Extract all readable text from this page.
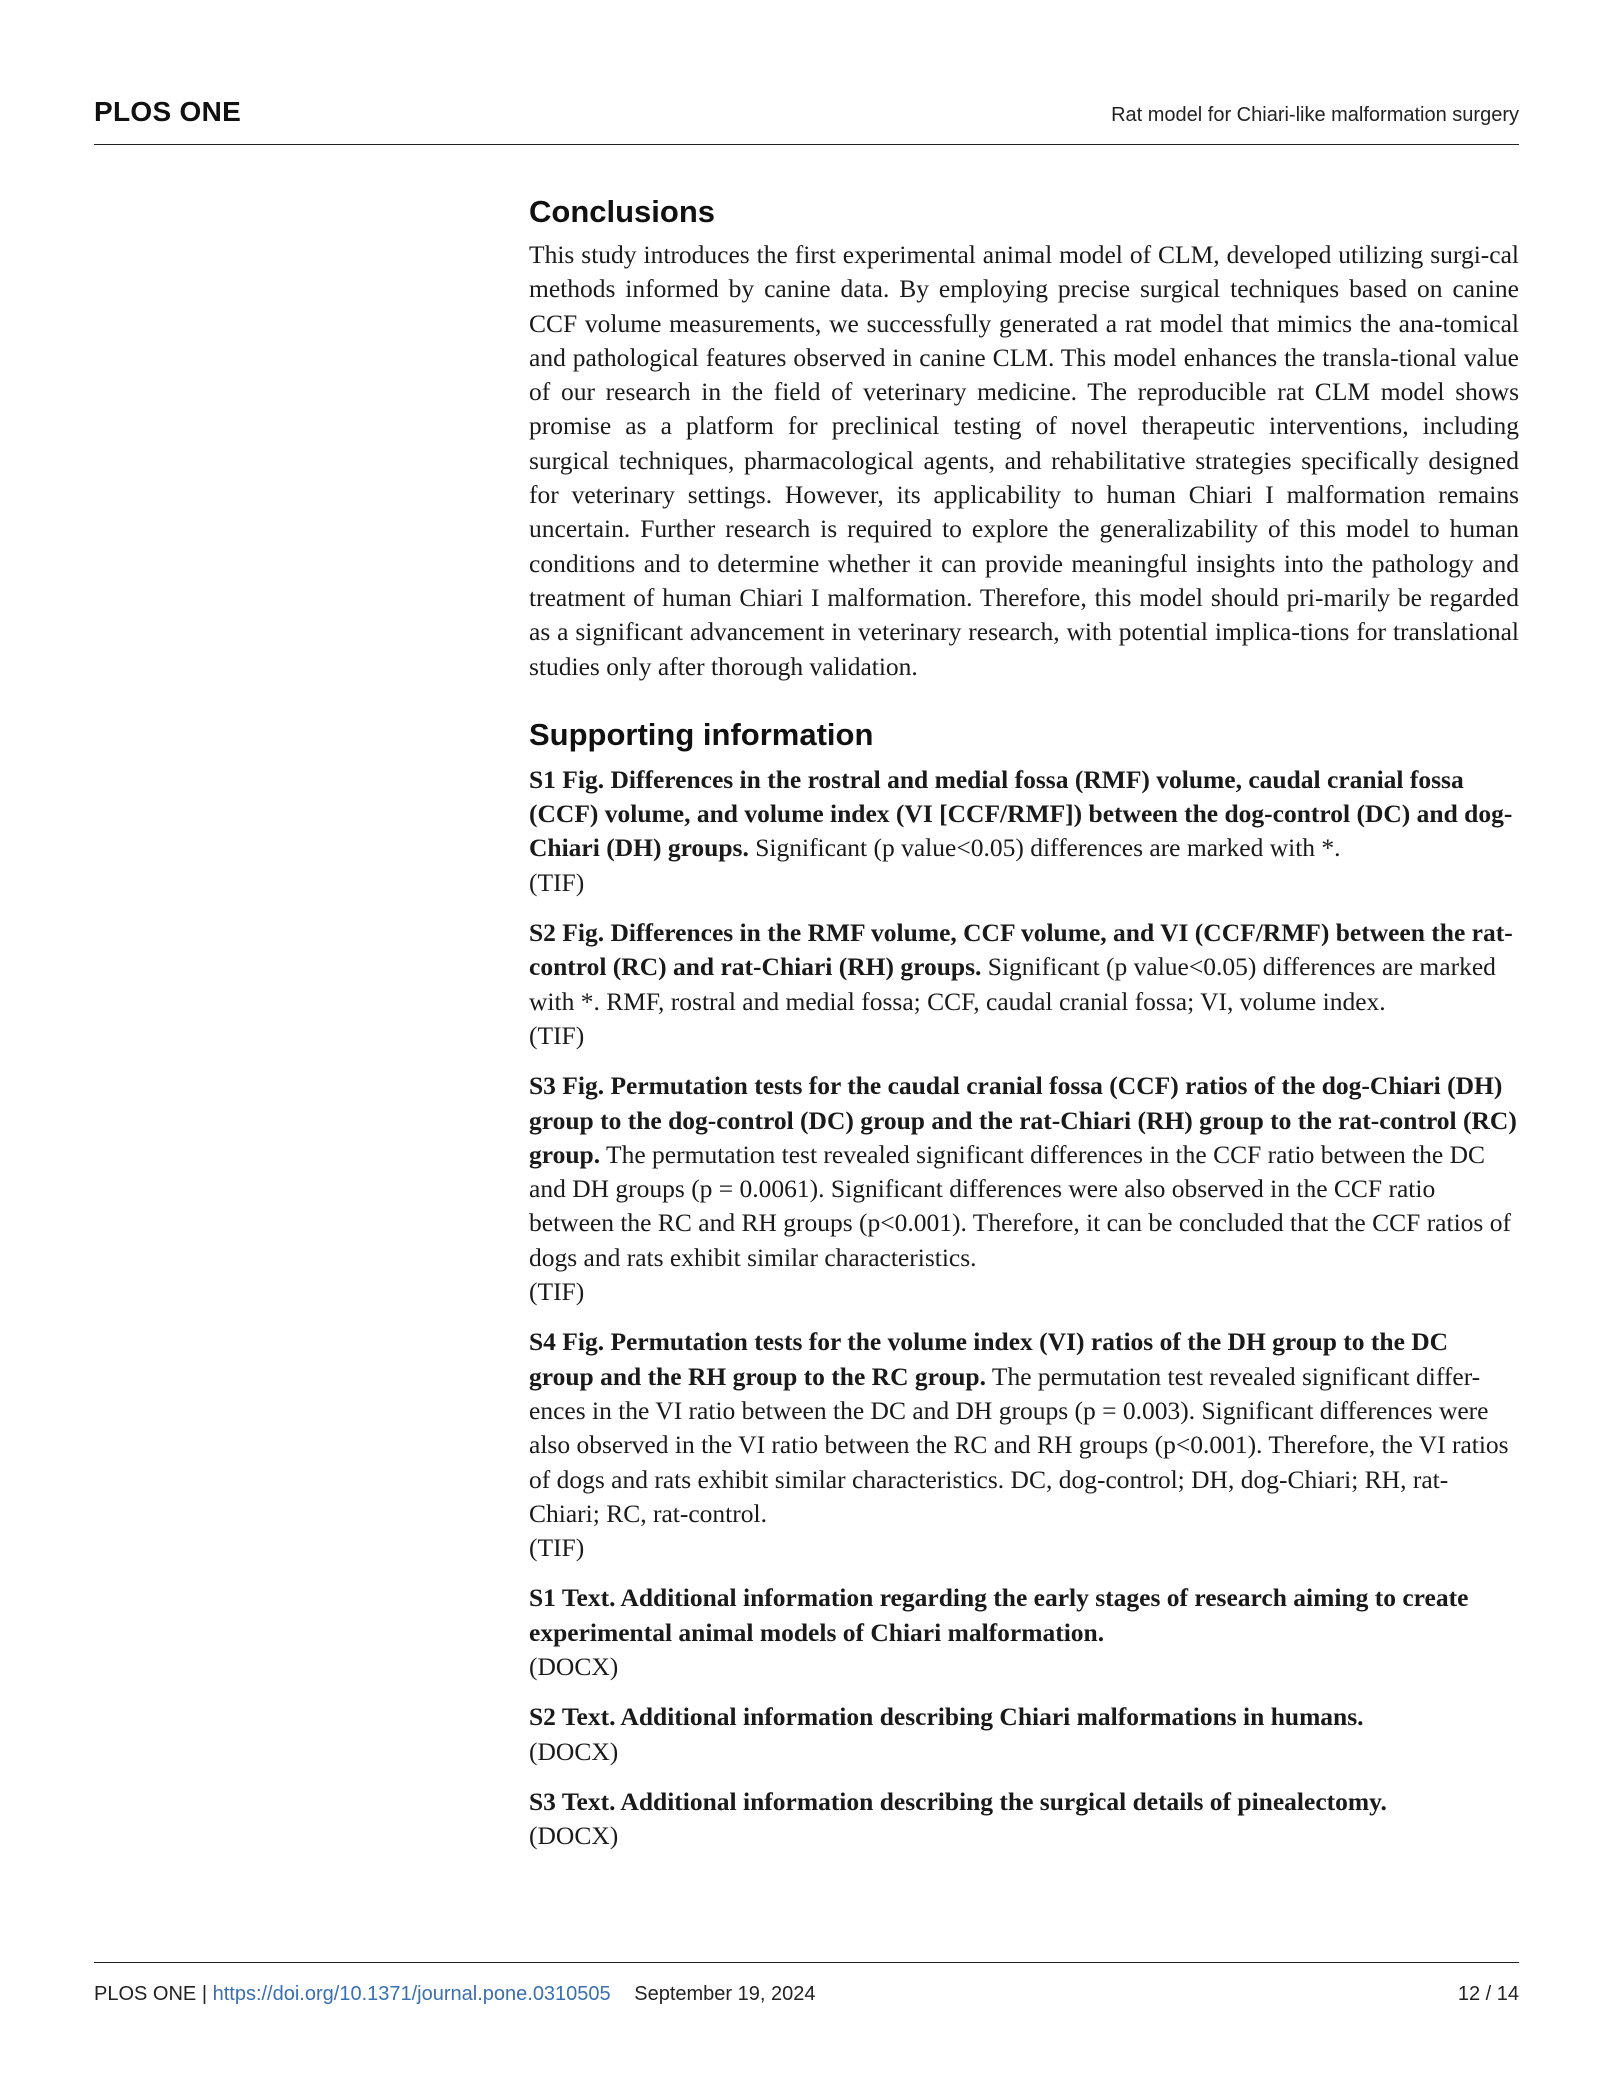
PLOS ONE	Rat model for Chiari-like malformation surgery
Conclusions

This study introduces the first experimental animal model of CLM, developed utilizing surgi-cal methods informed by canine data. By employing precise surgical techniques based on canine CCF volume measurements, we successfully generated a rat model that mimics the ana-tomical and pathological features observed in canine CLM. This model enhances the transla-tional value of our research in the field of veterinary medicine. The reproducible rat CLM model shows promise as a platform for preclinical testing of novel therapeutic interventions, including surgical techniques, pharmacological agents, and rehabilitative strategies specifically designed for veterinary settings. However, its applicability to human Chiari I malformation remains uncertain. Further research is required to explore the generalizability of this model to human conditions and to determine whether it can provide meaningful insights into the pathology and treatment of human Chiari I malformation. Therefore, this model should pri-marily be regarded as a significant advancement in veterinary research, with potential implica-tions for translational studies only after thorough validation.

Supporting information

S1 Fig. Differences in the rostral and medial fossa (RMF) volume, caudal cranial fossa (CCF) volume, and volume index (VI [CCF/RMF]) between the dog-control (DC) and dog-Chiari (DH) groups. Significant (p value<0.05) differences are marked with *.

(TIF)

S2 Fig. Differences in the RMF volume, CCF volume, and VI (CCF/RMF) between the rat-control (RC) and rat-Chiari (RH) groups. Significant (p value<0.05) differences are marked with *. RMF, rostral and medial fossa; CCF, caudal cranial fossa; VI, volume index.

(TIF)

S3 Fig. Permutation tests for the caudal cranial fossa (CCF) ratios of the dog-Chiari (DH) group to the dog-control (DC) group and the rat-Chiari (RH) group to the rat-control (RC) group. The permutation test revealed significant differences in the CCF ratio between the DC and DH groups (p = 0.0061). Significant differences were also observed in the CCF ratio between the RC and RH groups (p<0.001). Therefore, it can be concluded that the CCF ratios of dogs and rats exhibit similar characteristics.

(TIF)

S4 Fig. Permutation tests for the volume index (VI) ratios of the DH group to the DC group and the RH group to the RC group. The permutation test revealed significant differ-ences in the VI ratio between the DC and DH groups (p = 0.003). Significant differences were also observed in the VI ratio between the RC and RH groups (p<0.001). Therefore, the VI ratios of dogs and rats exhibit similar characteristics. DC, dog-control; DH, dog-Chiari; RH, rat-Chiari; RC, rat-control.

(TIF)

S1 Text. Additional information regarding the early stages of research aiming to create experimental animal models of Chiari malformation.

(DOCX)

S2 Text. Additional information describing Chiari malformations in humans.

(DOCX)

S3 Text. Additional information describing the surgical details of pinealectomy.

(DOCX)

PLOS ONE | https://doi.org/10.1371/journal.pone.0310505 September 19, 2024	12 / 14
